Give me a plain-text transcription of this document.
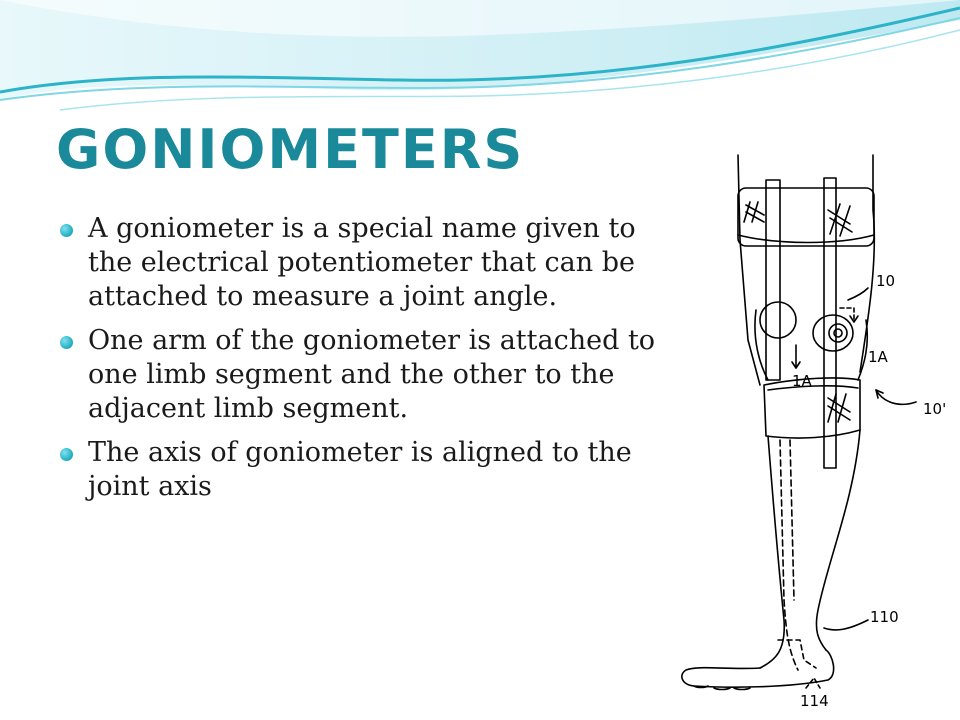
GONIOMETERS
A goniometer is a special name given to the electrical potentiometer that can be attached to measure a joint angle.
One arm of the goniometer is attached to one limb segment and the other to the adjacent limb segment.
The axis of goniometer is aligned to the joint axis
10
1A
1A
10'
110
114
